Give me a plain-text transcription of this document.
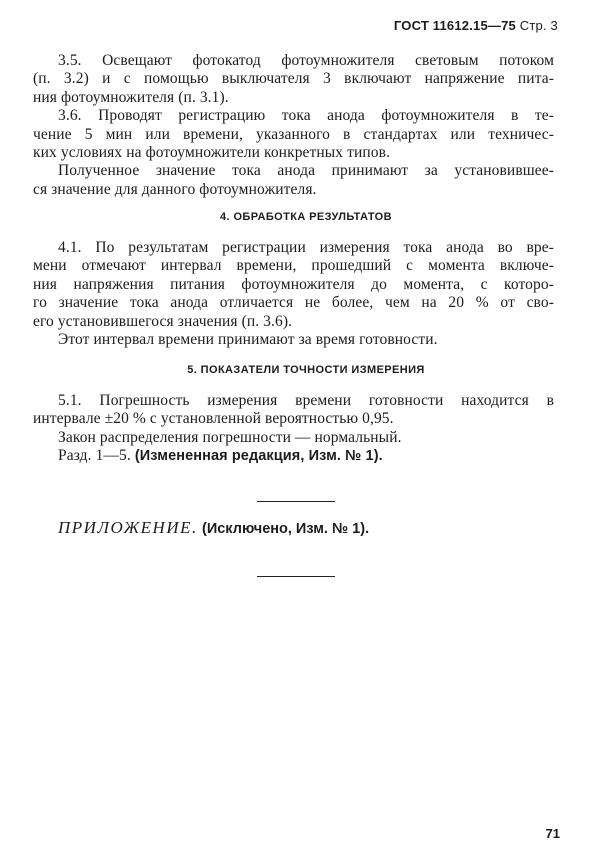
ГОСТ 11612.15—75 Стр. 3
3.5. Освещают фотокатод фотоумножителя световым потоком
(п. 3.2) и с помощью выключателя 3 включают напряжение пита-
ния фотоумножителя (п. 3.1).
3.6. Проводят регистрацию тока анода фотоумножителя в те-
чение 5 мин или времени, указанного в стандартах или техничес-
ких условиях на фотоумножители конкретных типов.
Полученное значение тока анода принимают за установившее-
ся значение для данного фотоумножителя.
4. ОБРАБОТКА РЕЗУЛЬТАТОВ
4.1. По результатам регистрации измерения тока анода во вре-
мени отмечают интервал времени, прошедший с момента включе-
ния напряжения питания фотоумножителя до момента, с которо-
го значение тока анода отличается не более, чем на 20 % от сво-
его установившегося значения (п. 3.6).
Этот интервал времени принимают за время готовности.
5. ПОКАЗАТЕЛИ ТОЧНОСТИ ИЗМЕРЕНИЯ
5.1. Погрешность измерения времени готовности находится в
интервале ±20 % с установленной вероятностью 0,95.
Закон распределения погрешности — нормальный.
Разд. 1—5. (Измененная редакция, Изм. № 1).
ПРИЛОЖЕНИЕ. (Исключено, Изм. № 1).
71
